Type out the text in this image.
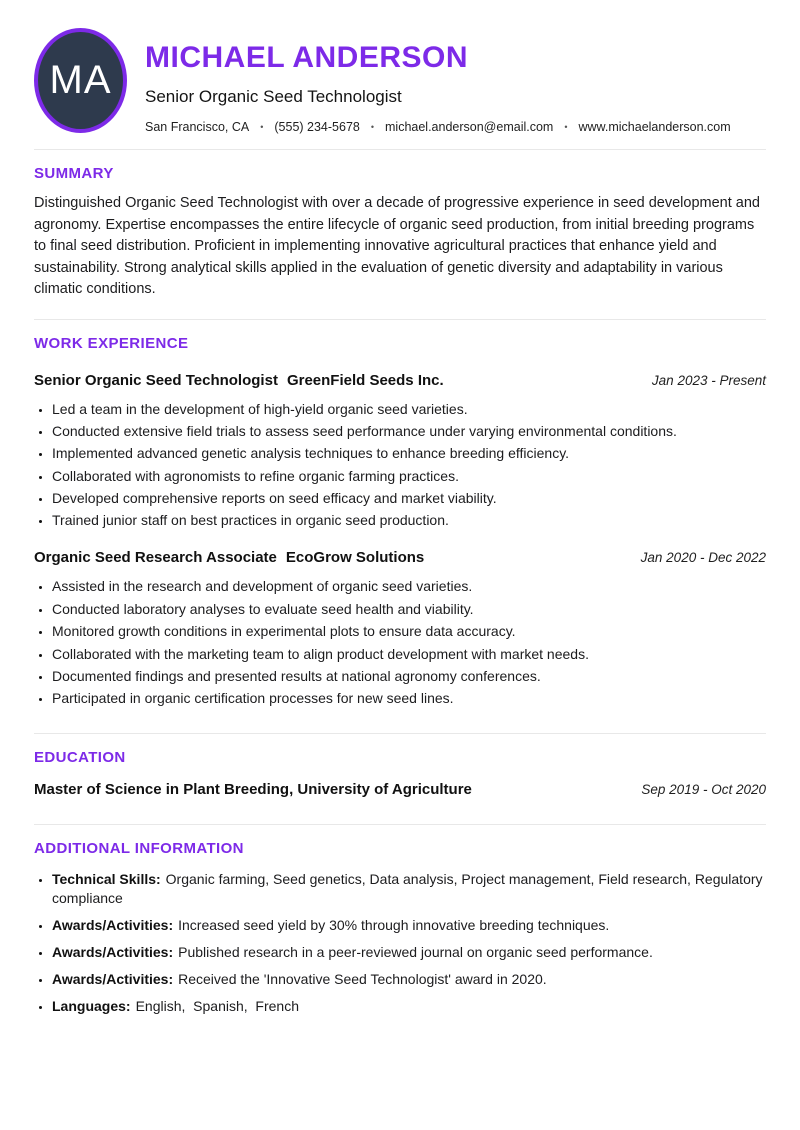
MA
MICHAEL ANDERSON
Senior Organic Seed Technologist
San Francisco, CA • (555) 234-5678 • michael.anderson@email.com • www.michaelanderson.com
SUMMARY

Distinguished Organic Seed Technologist with over a decade of progressive experience in seed development and agronomy. Expertise encompasses the entire lifecycle of organic seed production, from initial breeding programs to final seed distribution. Proficient in implementing innovative agricultural practices that enhance yield and sustainability. Strong analytical skills applied in the evaluation of genetic diversity and adaptability in various climatic conditions.

WORK EXPERIENCE
Senior Organic Seed Technologist GreenField Seeds Inc.	Jan 2023 - Present
• Led a team in the development of high-yield organic seed varieties.
• Conducted extensive field trials to assess seed performance under varying environmental conditions.
• Implemented advanced genetic analysis techniques to enhance breeding efficiency.
• Collaborated with agronomists to refine organic farming practices.
• Developed comprehensive reports on seed efficacy and market viability.
• Trained junior staff on best practices in organic seed production.
Organic Seed Research Associate EcoGrow Solutions	Jan 2020 - Dec 2022
• Assisted in the research and development of organic seed varieties.
• Conducted laboratory analyses to evaluate seed health and viability.
• Monitored growth conditions in experimental plots to ensure data accuracy.
• Collaborated with the marketing team to align product development with market needs.
• Documented findings and presented results at national agronomy conferences.
• Participated in organic certification processes for new seed lines.
EDUCATION
Master of Science in Plant Breeding, University of Agriculture	Sep 2019 - Oct 2020
ADDITIONAL INFORMATION
• Technical Skills: Organic farming, Seed genetics, Data analysis, Project management, Field research, Regulatory compliance
• Awards/Activities: Increased seed yield by 30% through innovative breeding techniques.
• Awards/Activities: Published research in a peer-reviewed journal on organic seed performance.
• Awards/Activities: Received the 'Innovative Seed Technologist' award in 2020.
• Languages: English,  Spanish,  French
